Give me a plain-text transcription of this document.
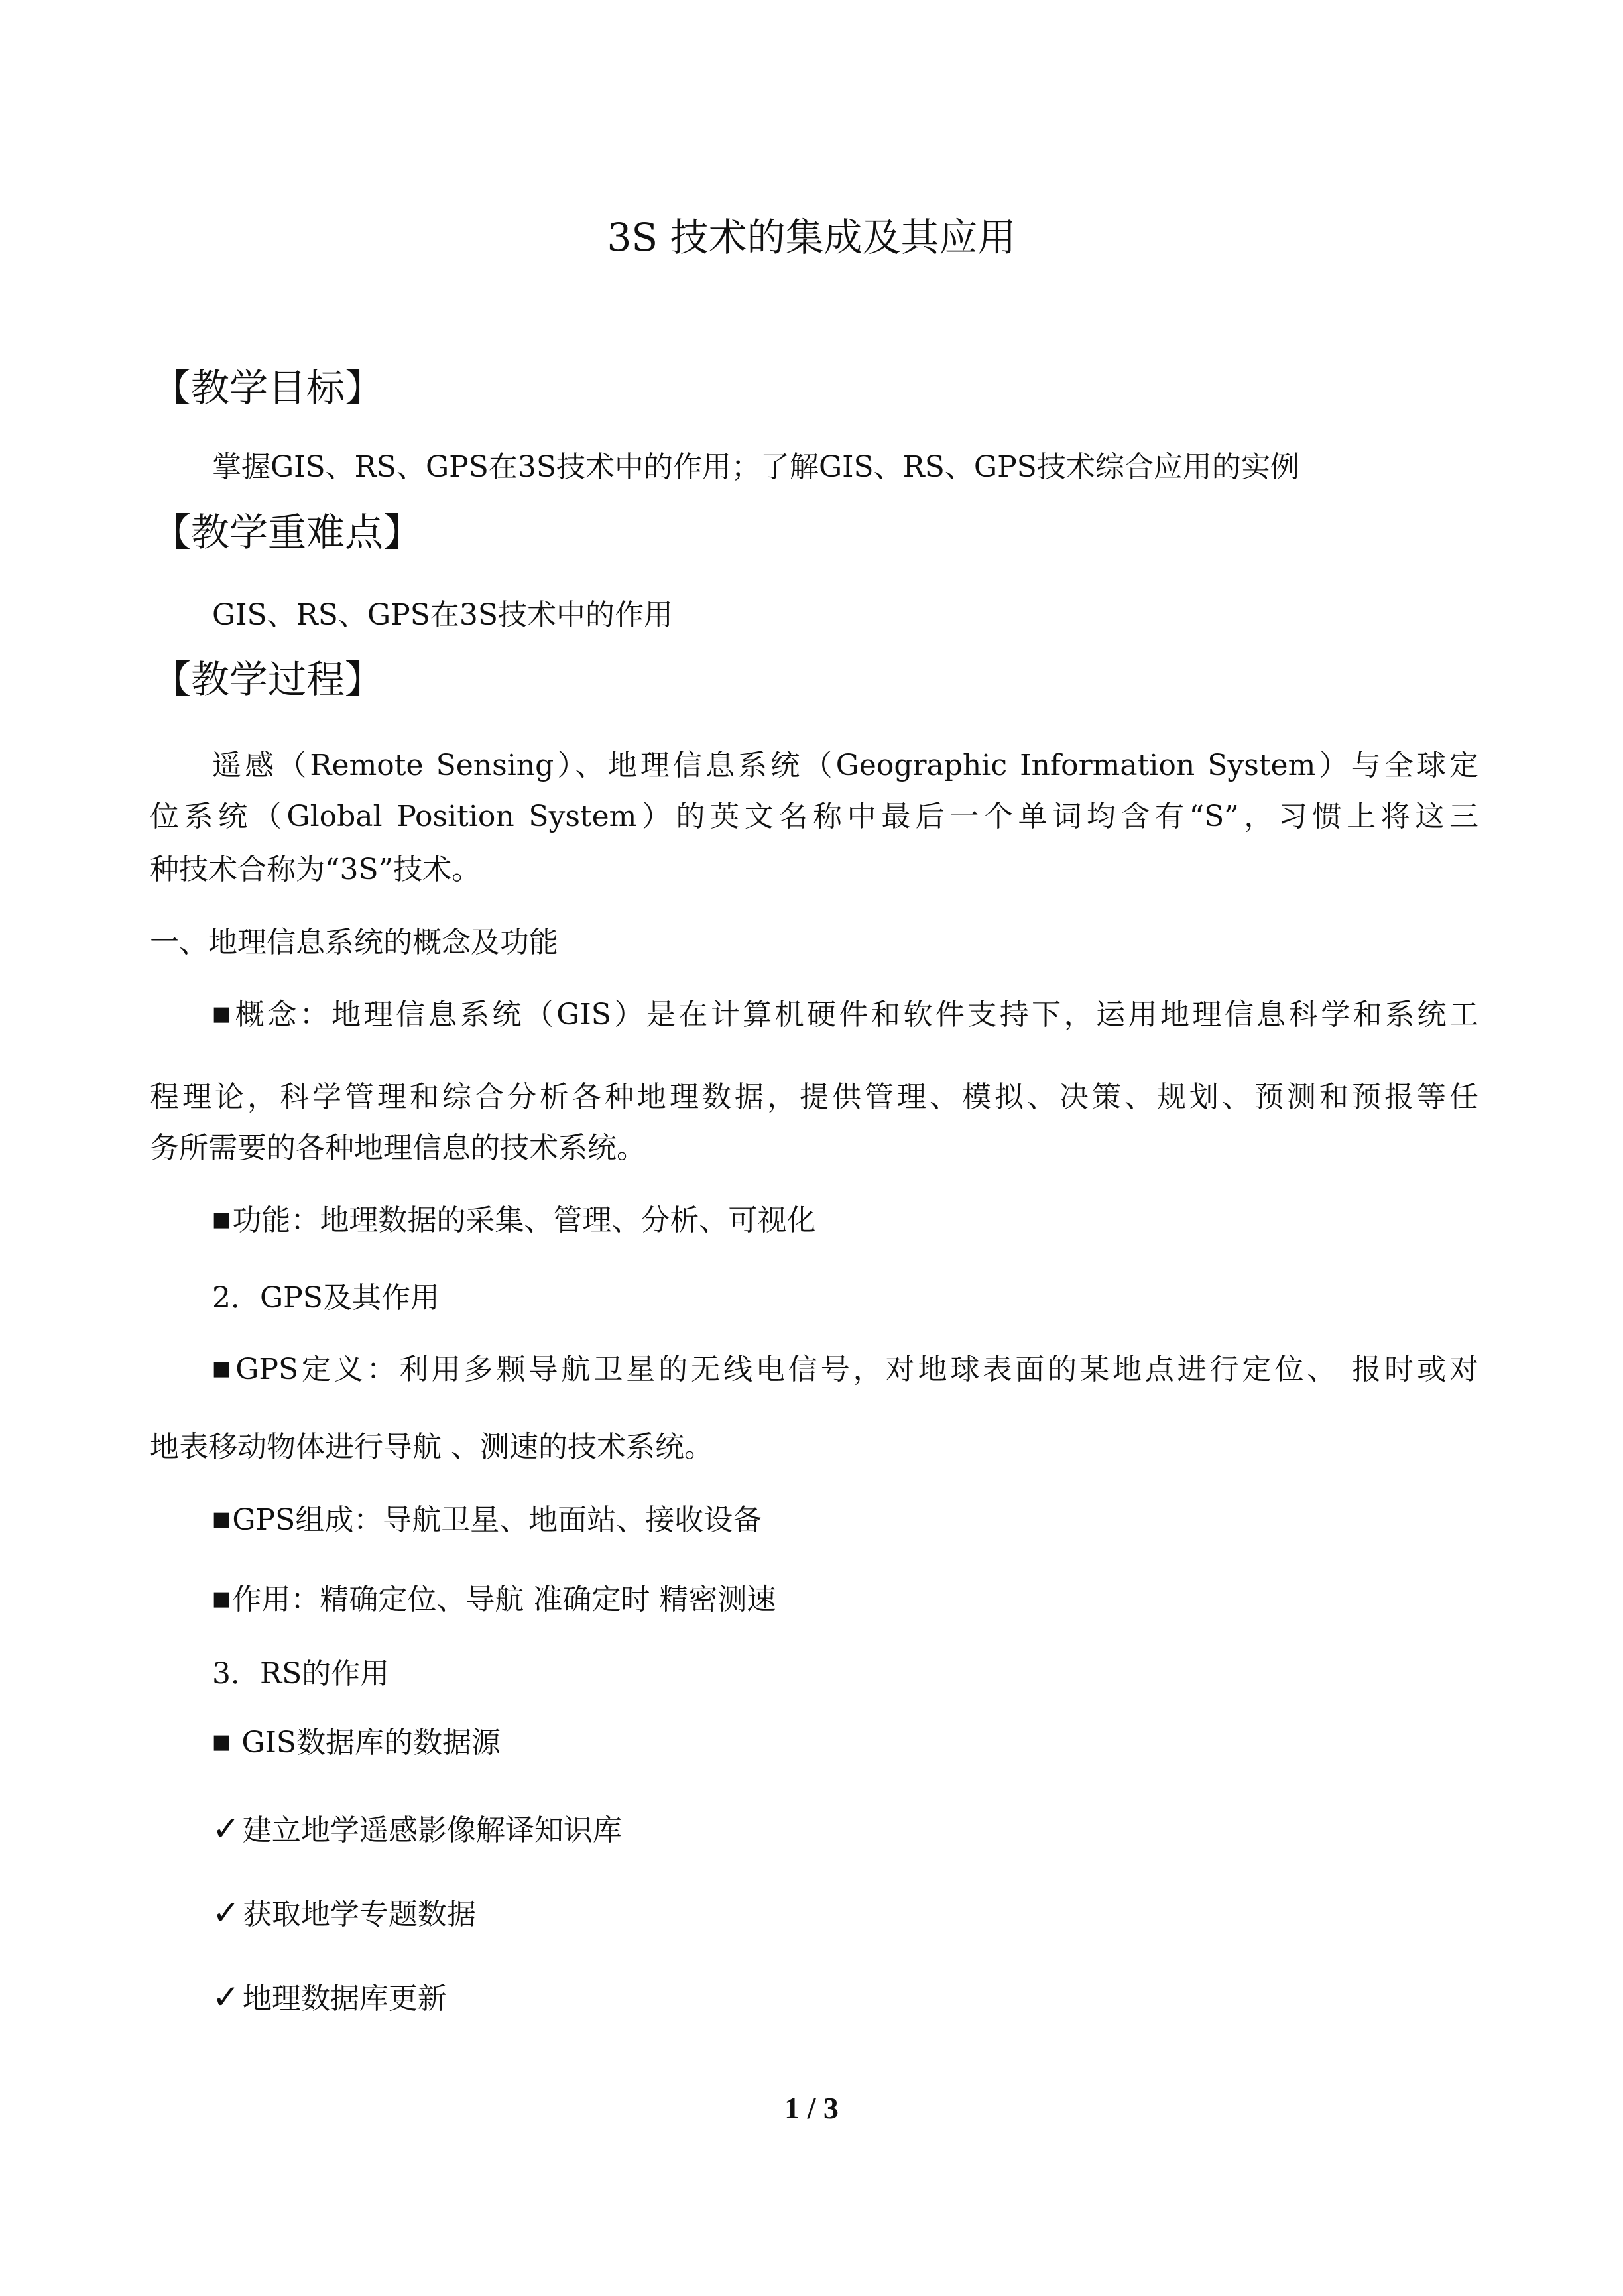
3S 技术的集成及其应用
【教学目标】
掌握GIS、RS、GPS在3S技术中的作用；了解GIS、RS、GPS技术综合应用的实例
【教学重难点】
GIS、RS、GPS在3S技术中的作用
【教学过程】
遥感（Remote Sensing）、地理信息系统（Geographic Information System）与全球定
位系统（Global Position System）的英文名称中最后一个单词均含有“S”，习惯上将这三
种技术合称为“3S”技术。
一、地理信息系统的概念及功能
■概念：地理信息系统（GIS）是在计算机硬件和软件支持下，运用地理信息科学和系统工
程理论，科学管理和综合分析各种地理数据，提供管理、模拟、决策、规划、预测和预报等任
务所需要的各种地理信息的技术系统。
■功能：地理数据的采集、管理、分析、可视化
2．GPS及其作用
■GPS定义：利用多颗导航卫星的无线电信号，对地球表面的某地点进行定位、 报时或对
地表移动物体进行导航 、测速的技术系统。
■GPS组成：导航卫星、地面站、接收设备
■作用：精确定位、导航 准确定时 精密测速
3．RS的作用
■ GIS数据库的数据源
✓建立地学遥感影像解译知识库
✓获取地学专题数据
✓地理数据库更新
1 / 3
